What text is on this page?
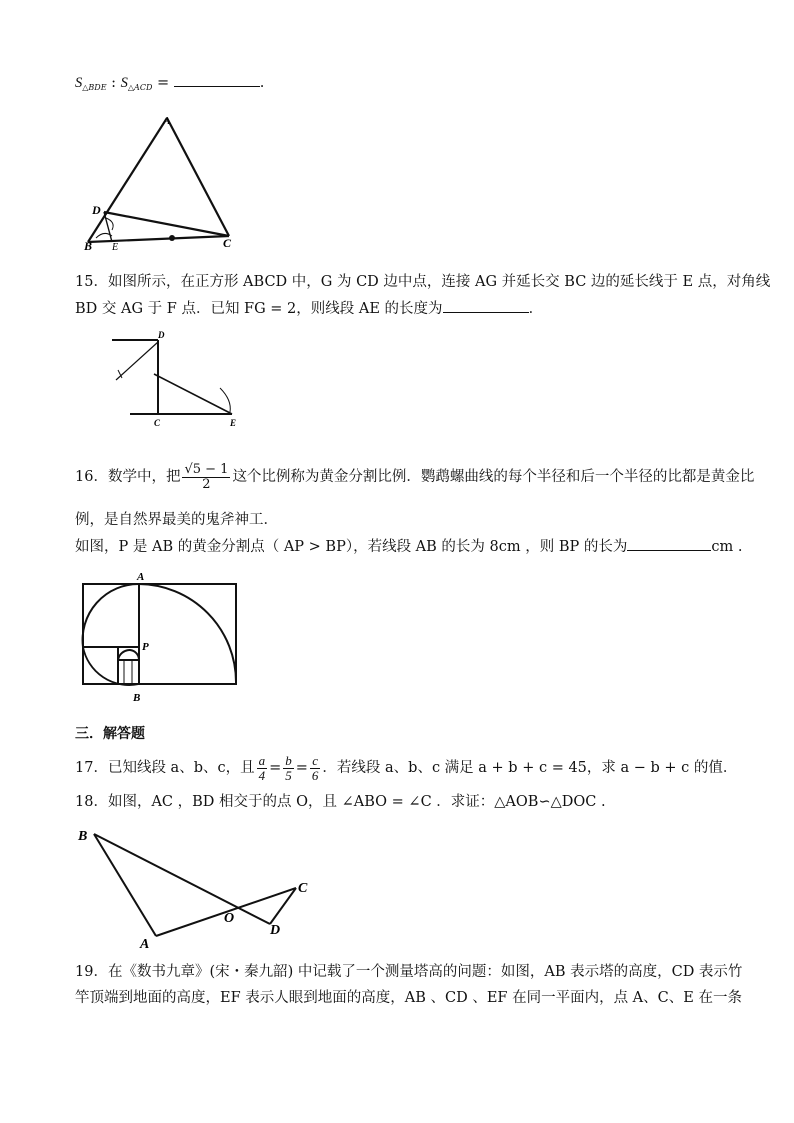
$S_{\triangle BDE}$ : $S_{\triangle ACD}$ =	.
A
D
B E	C
15．如图所示，在正方形 ABCD 中，G 为 CD 边中点，连接 AG 并延长交 BC 边的延长线于 E 点，对角线
BD 交 AG 于 F 点．已知 FG = 2，则线段 AE 的长度为	．
D
C	E
16．数学中，把 $\frac{√5 - 1}{2}$ 这个比例称为黄金分割比例．鹦鹉螺曲线的每个半径和后一个半径的比都是黄金比
例，是自然界最美的鬼斧神工．
如图，P 是 AB 的黄金分割点（ AP > BP），若线段 AB 的长为 8cm ，则 BP 的长为	cm .
A
P
B
三．解答题
17．已知线段 a、b、c，且 $\frac{a}{4} = \frac{b}{5} = \frac{c}{6}$ ．若线段 a、b、c 满足 a + b + c = 45，求 a − b + c 的值．
18．如图，AC ，BD 相交于的点 O，且 ∠ABO = ∠C ．求证：△AOB∽△DOC .
B
C
O
D
A
19．在《数书九章》(宋・秦九韶) 中记载了一个测量塔高的问题：如图，AB 表示塔的高度，CD 表示竹
竿顶端到地面的高度，EF 表示人眼到地面的高度，AB 、CD 、EF 在同一平面内，点 A、C、E 在一条
